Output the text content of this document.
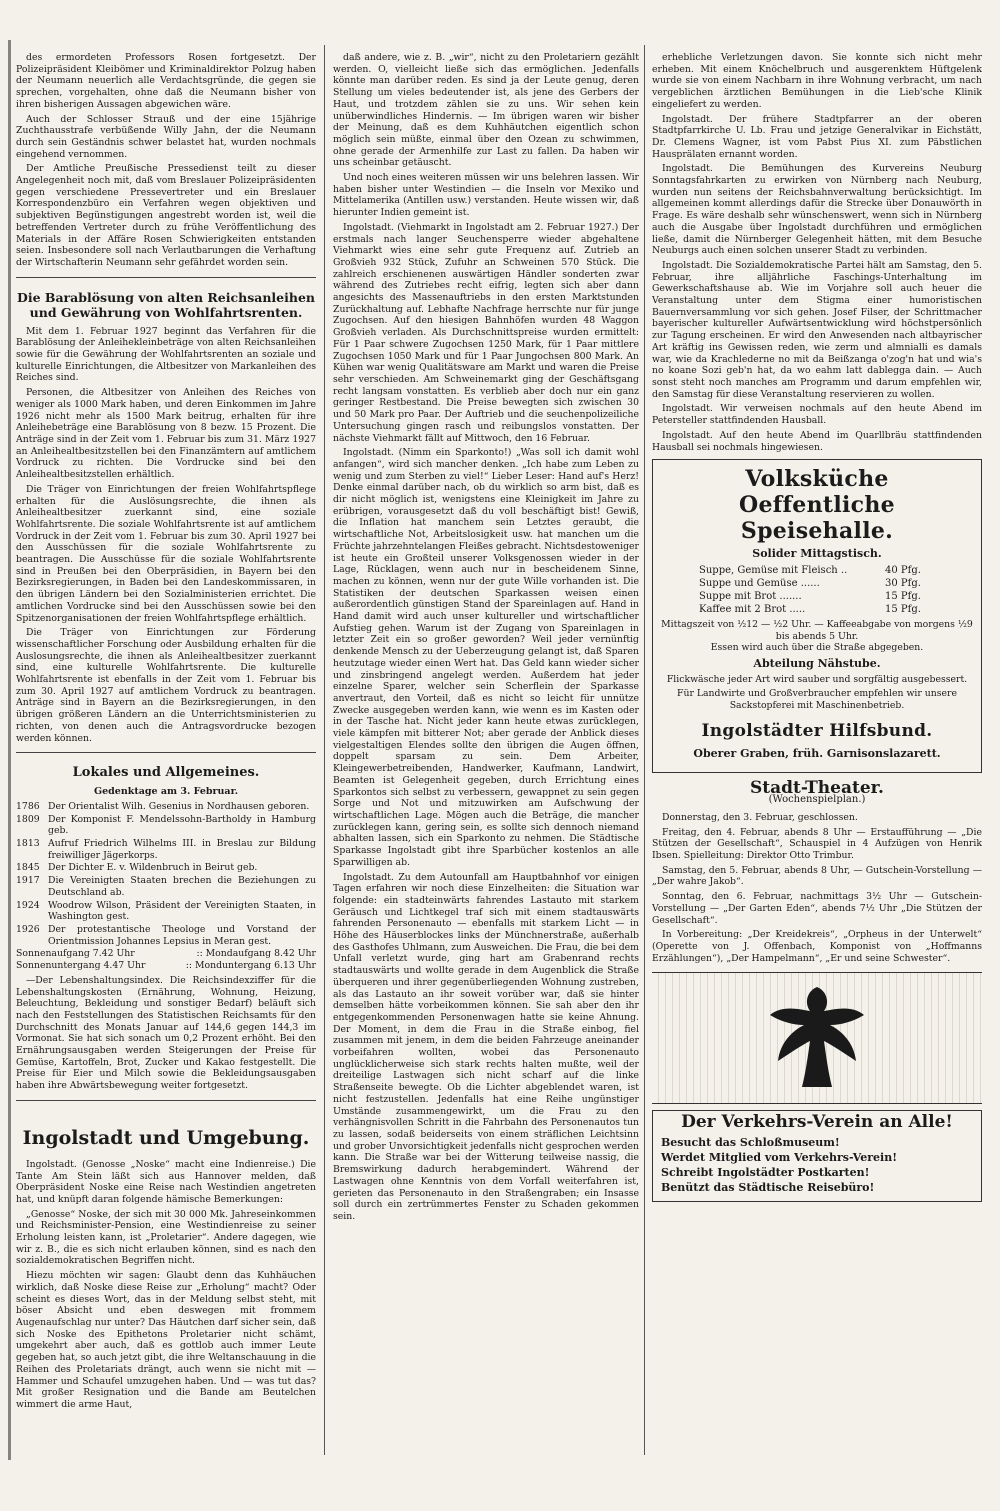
des ermordeten Professors Rosen fortgesetzt. Der Polizeipräsident Kleibömer und Kriminaldirektor Polzug haben der Neumann neuerlich alle Verdachtsgründe, die gegen sie sprechen, vorgehalten, ohne daß die Neumann bisher von ihren bisherigen Aussagen abgewichen wäre.

Auch der Schlosser Strauß und der eine 15jährige Zuchthausstrafe verbüßende Willy Jahn, der die Neumann durch sein Geständnis schwer belastet hat, wurden nochmals eingehend vernommen.

Der Amtliche Preußische Pressedienst teilt zu dieser Angelegenheit noch mit, daß vom Breslauer Polizeipräsidenten gegen verschiedene Pressevertreter und ein Breslauer Korrespondenzbüro ein Verfahren wegen objektiven und subjektiven Begünstigungen angestrebt worden ist, weil die betreffenden Vertreter durch zu frühe Veröffentlichung des Materials in der Affäre Rosen Schwierigkeiten entstanden seien. Insbesondere soll nach Verlautbarungen die Verhaftung der Wirtschafterin Neumann sehr gefährdet worden sein.

Die Barablösung von alten Reichsanleihen und Gewährung von Wohlfahrtsrenten.

Mit dem 1. Februar 1927 beginnt das Verfahren für die Barablösung der Anleihekleinbeträge von alten Reichsanleihen sowie für die Gewährung der Wohlfahrtsrenten an soziale und kulturelle Einrichtungen, die Altbesitzer von Markanleihen des Reiches sind.

Personen, die Altbesitzer von Anleihen des Reiches von weniger als 1000 Mark haben, und deren Einkommen im Jahre 1926 nicht mehr als 1500 Mark beitrug, erhalten für ihre Anleihebeträge eine Barablösung von 8 bezw. 15 Prozent. Die Anträge sind in der Zeit vom 1. Februar bis zum 31. März 1927 an Anleihealtbesitzstellen bei den Finanzämtern auf amtlichem Vordruck zu richten. Die Vordrucke sind bei den Anleihealtbesitzstellen erhältlich.

Die Träger von Einrichtungen der freien Wohlfahrtspflege erhalten für die Auslösungsrechte, die ihnen als Anleihealtbesitzer zuerkannt sind, eine soziale Wohlfahrtsrente. Die soziale Wohlfahrtsrente ist auf amtlichem Vordruck in der Zeit vom 1. Februar bis zum 30. April 1927 bei den Ausschüssen für die soziale Wohlfahrtsrente zu beantragen. Die Ausschüsse für die soziale Wohlfahrtsrente sind in Preußen bei den Oberpräsidien, in Bayern bei den Bezirksregierungen, in Baden bei den Landeskommissaren, in den übrigen Ländern bei den Sozialministerien errichtet. Die amtlichen Vordrucke sind bei den Ausschüssen sowie bei den Spitzenorganisationen der freien Wohlfahrtspflege erhältlich.

Die Träger von Einrichtungen zur Förderung wissenschaftlicher Forschung oder Ausbildung erhalten für die Auslosungsrechte, die ihnen als Anleihealtbesitzer zuerkannt sind, eine kulturelle Wohlfahrtsrente. Die kulturelle Wohlfahrtsrente ist ebenfalls in der Zeit vom 1. Februar bis zum 30. April 1927 auf amtlichem Vordruck zu beantragen. Anträge sind in Bayern an die Bezirksregierungen, in den übrigen größeren Ländern an die Unterrichtsministerien zu richten, von denen auch die Antragsvordrucke bezogen werden können.

Lokales und Allgemeines.
Gedenktage am 3. Februar.
1786 Der Orientalist Wilh. Gesenius in Nordhausen geboren.
1809 Der Komponist F. Mendelssohn-Bartholdy in Hamburg geb.
1813 Aufruf Friedrich Wilhelms III. in Breslau zur Bildung freiwilliger Jägerkorps.
1845 Der Dichter E. v. Wildenbruch in Beirut geb.
1917 Die Vereinigten Staaten brechen die Beziehungen zu Deutschland ab.
1924 Woodrow Wilson, Präsident der Vereinigten Staaten, in Washington gest.
1926 Der protestantische Theologe und Vorstand der Orientmission Johannes Lepsius in Meran gest.
Sonnenaufgang 7.42 Uhr	:: Mondaufgang 8.42 Uhr
Sonnenuntergang 4.47 Uhr	:: Monduntergang 6.13 Uhr

—Der Lebenshaltungsindex. Die Reichsindexziffer für die Lebenshaltungskosten (Ernährung, Wohnung, Heizung, Beleuchtung, Bekleidung und sonstiger Bedarf) beläuft sich nach den Feststellungen des Statistischen Reichsamts für den Durchschnitt des Monats Januar auf 144,6 gegen 144,3 im Vormonat. Sie hat sich sonach um 0,2 Prozent erhöht. Bei den Ernährungsausgaben werden Steigerungen der Preise für Gemüse, Kartoffeln, Brot, Zucker und Kakao festgestellt. Die Preise für Eier und Milch sowie die Bekleidungsausgaben haben ihre Abwärtsbewegung weiter fortgesetzt.

Ingolstadt und Umgebung.

Ingolstadt. (Genosse „Noske“ macht eine Indienreise.) Die Tante Am Stein läßt sich aus Hannover melden, daß Oberpräsident Noske eine Reise nach Westindien angetreten hat, und knüpft daran folgende hämische Bemerkungen:

„Genosse“ Noske, der sich mit 30 000 Mk. Jahreseinkommen und Reichsminister-Pension, eine Westindienreise zu seiner Erholung leisten kann, ist „Proletarier“. Andere dagegen, wie wir z. B., die es sich nicht erlauben können, sind es nach den sozialdemokratischen Begriffen nicht.

Hiezu möchten wir sagen: Glaubt denn das Kuhhäuchen wirklich, daß Noske diese Reise zur „Erholung“ macht? Oder scheint es dieses Wort, das in der Meldung selbst steht, mit böser Absicht und eben deswegen mit frommem Augenaufschlag nur unter? Das Häutchen darf sicher sein, daß sich Noske des Epithetons Proletarier nicht schämt, umgekehrt aber auch, daß es gottlob auch immer Leute gegeben hat, so auch jetzt gibt, die ihre Weltanschauung in die Reihen des Proletariats drängt, auch wenn sie nicht mit — Hammer und Schaufel umzugehen haben. Und — was tut das? Mit großer Resignation und die Bande am Beutelchen wimmert die arme Haut,

daß andere, wie z. B. „wir“, nicht zu den Proletariern gezählt werden. O, vielleicht ließe sich das ermöglichen. Jedenfalls könnte man darüber reden. Es sind ja der Leute genug, deren Stellung um vieles bedeutender ist, als jene des Gerbers der Haut, und trotzdem zählen sie zu uns. Wir sehen kein unüberwindliches Hindernis. — Im übrigen waren wir bisher der Meinung, daß es dem Kuhhäutchen eigentlich schon möglich sein müßte, einmal über den Ozean zu schwimmen, ohne gerade der Armenhilfe zur Last zu fallen. Da haben wir uns scheinbar getäuscht.

Und noch eines weiteren müssen wir uns belehren lassen. Wir haben bisher unter Westindien — die Inseln vor Mexiko und Mittelamerika (Antillen usw.) verstanden. Heute wissen wir, daß hierunter Indien gemeint ist.

Ingolstadt. (Viehmarkt in Ingolstadt am 2. Februar 1927.) Der erstmals nach langer Seuchensperre wieder abgehaltene Viehmarkt wies eine sehr gute Frequenz auf. Zutrieb an Großvieh 932 Stück, Zufuhr an Schweinen 570 Stück. Die zahlreich erschienenen auswärtigen Händler sonderten zwar während des Zutriebes recht eifrig, legten sich aber dann angesichts des Massenauftriebs in den ersten Marktstunden Zurückhaltung auf. Lebhafte Nachfrage herrschte nur für junge Zugochsen. Auf den hiesigen Bahnhöfen wurden 48 Waggon Großvieh verladen. Als Durchschnittspreise wurden ermittelt: Für 1 Paar schwere Zugochsen 1250 Mark, für 1 Paar mittlere Zugochsen 1050 Mark und für 1 Paar Jungochsen 800 Mark. An Kühen war wenig Qualitätsware am Markt und waren die Preise sehr verschieden. Am Schweinemarkt ging der Geschäftsgang recht langsam vonstatten. Es verblieb aber doch nur ein ganz geringer Restbestand. Die Preise bewegten sich zwischen 30 und 50 Mark pro Paar. Der Auftrieb und die seuchenpolizeiliche Untersuchung gingen rasch und reibungslos vonstatten. Der nächste Viehmarkt fällt auf Mittwoch, den 16 Februar.

Ingolstadt. (Nimm ein Sparkonto!) „Was soll ich damit wohl anfangen“, wird sich mancher denken. „Ich habe zum Leben zu wenig und zum Sterben zu viel!“ Lieber Leser: Hand auf's Herz! Denke einmal darüber nach, ob du wirklich so arm bist, daß es dir nicht möglich ist, wenigstens eine Kleinigkeit im Jahre zu erübrigen, vorausgesetzt daß du voll beschäftigt bist! Gewiß, die Inflation hat manchem sein Letztes geraubt, die wirtschaftliche Not, Arbeitslosigkeit usw. hat manchen um die Früchte jahrzehntelangen Fleißes gebracht. Nichtsdestoweniger ist heute ein Großteil unserer Volksgenossen wieder in der Lage, Rücklagen, wenn auch nur in bescheidenem Sinne, machen zu können, wenn nur der gute Wille vorhanden ist. Die Statistiken der deutschen Sparkassen weisen einen außerordentlich günstigen Stand der Spareinlagen auf. Hand in Hand damit wird auch unser kultureller und wirtschaftlicher Aufstieg gehen. Warum ist der Zugang von Spareinlagen in letzter Zeit ein so großer geworden? Weil jeder vernünftig denkende Mensch zu der Ueberzeugung gelangt ist, daß Sparen heutzutage wieder einen Wert hat. Das Geld kann wieder sicher und zinsbringend angelegt werden. Außerdem hat jeder einzelne Sparer, welcher sein Scherflein der Sparkasse anvertraut, den Vorteil, daß es nicht so leicht für unnütze Zwecke ausgegeben werden kann, wie wenn es im Kasten oder in der Tasche hat. Nicht jeder kann heute etwas zurücklegen, viele kämpfen mit bitterer Not; aber gerade der Anblick dieses vielgestaltigen Elendes sollte den übrigen die Augen öffnen, doppelt sparsam zu sein. Dem Arbeiter, Kleingewerbetreibenden, Handwerker, Kaufmann, Landwirt, Beamten ist Gelegenheit gegeben, durch Errichtung eines Sparkontos sich selbst zu verbessern, gewappnet zu sein gegen Sorge und Not und mitzuwirken am Aufschwung der wirtschaftlichen Lage. Mögen auch die Beträge, die mancher zurücklegen kann, gering sein, es sollte sich dennoch niemand abhalten lassen, sich ein Sparkonto zu nehmen. Die Städtische Sparkasse Ingolstadt gibt ihre Sparbücher kostenlos an alle Sparwilligen ab.

Ingolstadt. Zu dem Autounfall am Hauptbahnhof vor einigen Tagen erfahren wir noch diese Einzelheiten: die Situation war folgende: ein stadteinwärts fahrendes Lastauto mit starkem Geräusch und Lichtkegel traf sich mit einem stadtauswärts fahrenden Personenauto — ebenfalls mit starkem Licht — in Höhe des Häuserblockes links der Münchnerstraße, außerhalb des Gasthofes Uhlmann, zum Ausweichen. Die Frau, die bei dem Unfall verletzt wurde, ging hart am Grabenrand rechts stadtauswärts und wollte gerade in dem Augenblick die Straße überqueren und ihrer gegenüberliegenden Wohnung zustreben, als das Lastauto an ihr soweit vorüber war, daß sie hinter demselben hätte vorbeikommen können. Sie sah aber den ihr entgegenkommenden Personenwagen hatte sie keine Ahnung. Der Moment, in dem die Frau in die Straße einbog, fiel zusammen mit jenem, in dem die beiden Fahrzeuge aneinander vorbeifahren wollten, wobei das Personenauto unglücklicherweise sich stark rechts halten mußte, weil der dreiteilige Lastwagen sich nicht scharf auf die linke Straßenseite bewegte. Ob die Lichter abgeblendet waren, ist nicht festzustellen. Jedenfalls hat eine Reihe ungünstiger Umstände zusammengewirkt, um die Frau zu den verhängnisvollen Schritt in die Fahrbahn des Personenautos tun zu lassen, sodaß beiderseits von einem sträflichen Leichtsinn und grober Unvorsichtigkeit jedenfalls nicht gesprochen werden kann. Die Straße war bei der Witterung teilweise nassig, die Bremswirkung dadurch herabgemindert. Während der Lastwagen ohne Kenntnis von dem Vorfall weiterfahren ist, gerieten das Personenauto in den Straßengraben; ein Insasse soll durch ein zertrümmertes Fenster zu Schaden gekommen sein.

erhebliche Verletzungen davon. Sie konnte sich nicht mehr erheben. Mit einem Knöchelbruch und ausgerenktem Hüftgelenk wurde sie von einem Nachbarn in ihre Wohnung verbracht, um nach vergeblichen ärztlichen Bemühungen in die Lieb'sche Klinik eingeliefert zu werden.

Ingolstadt. Der frühere Stadtpfarrer an der oberen Stadtpfarrkirche U. Lb. Frau und jetzige Generalvikar in Eichstätt, Dr. Clemens Wagner, ist vom Pabst Pius XI. zum Päbstlichen Hausprälaten ernannt worden.

Ingolstadt. Die Bemühungen des Kurvereins Neuburg Sonntagsfahrkarten zu erwirken von Nürnberg nach Neuburg, wurden nun seitens der Reichsbahnverwaltung berücksichtigt. Im allgemeinen kommt allerdings dafür die Strecke über Donauwörth in Frage. Es wäre deshalb sehr wünschenswert, wenn sich in Nürnberg auch die Ausgabe über Ingolstadt durchführen und ermöglichen ließe, damit die Nürnberger Gelegenheit hätten, mit dem Besuche Neuburgs auch einen solchen unserer Stadt zu verbinden.

Ingolstadt. Die Sozialdemokratische Partei hält am Samstag, den 5. Februar, ihre alljährliche Faschings-Unterhaltung im Gewerkschaftshause ab. Wie im Vorjahre soll auch heuer die Veranstaltung unter dem Stigma einer humoristischen Bauernversammlung vor sich gehen. Josef Filser, der Schrittmacher bayerischer kultureller Aufwärtsentwicklung wird höchstpersönlich zur Tagung erscheinen. Er wird den Anwesenden nach altbayrischer Art kräftig ins Gewissen reden, wie zerm und almnialli es damals war, wie da Krachlederne no mit da Beißzanga o'zog'n hat und wia's no koane Sozi geb'n hat, da wo eahm latt dablegga dain. — Auch sonst steht noch manches am Programm und darum empfehlen wir, den Samstag für diese Veranstaltung reservieren zu wollen.

Ingolstadt. Wir verweisen nochmals auf den heute Abend im Petersteller stattfindenden Hausball.

Ingolstadt. Auf den heute Abend im Quarllbräu stattfindenden Hausball sei nochmals hingewiesen.

Volksküche
Oeffentliche Speisehalle.
Solider Mittagstisch.
Suppe, Gemüse mit Fleisch ..	40 Pfg.
Suppe und Gemüse ......	30 Pfg.
Suppe mit Brot .......	15 Pfg.
Kaffee mit 2 Brot .....	15 Pfg.
Mittagszeit von ½12 — ½2 Uhr. — Kaffeeabgabe von morgens ½9 bis abends 5 Uhr.
Essen wird auch über die Straße abgegeben.
Abteilung Nähstube.
Flickwäsche jeder Art wird sauber und sorgfältig ausgebessert.
Für Landwirte und Großverbraucher empfehlen wir unsere Sackstopferei mit Maschinenbetrieb.
Ingolstädter Hilfsbund.
Oberer Graben, früh. Garnisonslazarett.
Stadt-Theater.
(Wochenspielplan.)

Donnerstag, den 3. Februar, geschlossen.

Freitag, den 4. Februar, abends 8 Uhr — Erstaufführung — „Die Stützen der Gesellschaft“, Schauspiel in 4 Aufzügen von Henrik Ibsen. Spielleitung: Direktor Otto Trimbur.

Samstag, den 5. Februar, abends 8 Uhr, — Gutschein-Vorstellung — „Der wahre Jakob“.

Sonntag, den 6. Februar, nachmittags 3½ Uhr — Gutschein-Vorstellung — „Der Garten Eden“, abends 7½ Uhr „Die Stützen der Gesellschaft“.

In Vorbereitung: „Der Kreidekreis“, „Orpheus in der Unterwelt“ (Operette von J. Offenbach, Komponist von „Hoffmanns Erzählungen“), „Der Hampelmann“, „Er und seine Schwester“.

Der Verkehrs-Verein an Alle!
Besucht das Schloßmuseum!
Werdet Mitglied vom Verkehrs-Verein!
Schreibt Ingolstädter Postkarten!
Benützt das Städtische Reisebüro!
